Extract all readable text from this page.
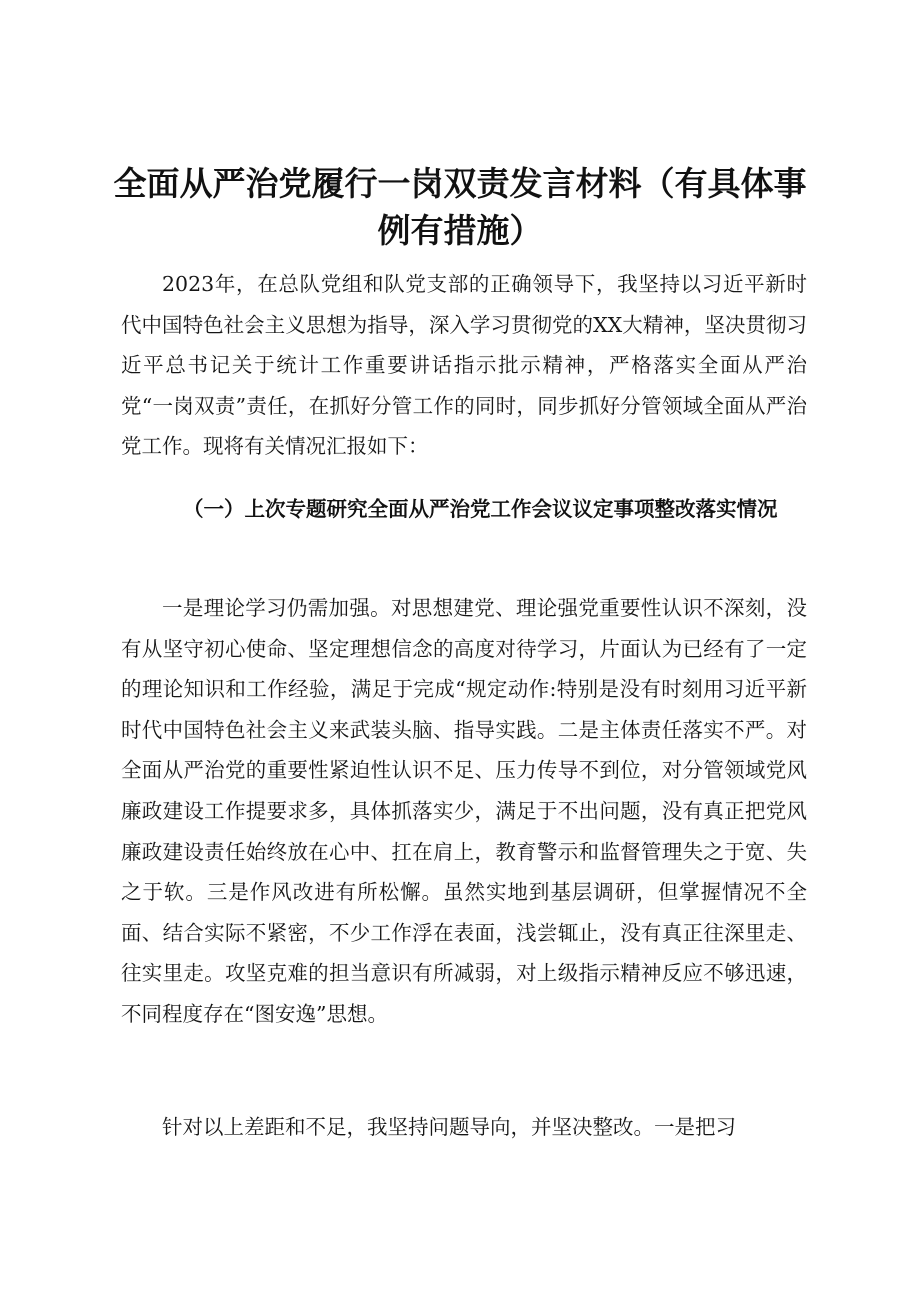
全面从严治党履行一岗双责发言材料（有具体事例有措施）

2023年，在总队党组和队党支部的正确领导下，我坚持以习近平新时代中国特色社会主义思想为指导，深入学习贯彻党的XX大精神，坚决贯彻习近平总书记关于统计工作重要讲话指示批示精神，严格落实全面从严治党“一岗双责”责任，在抓好分管工作的同时，同步抓好分管领域全面从严治党工作。现将有关情况汇报如下：

（一）上次专题研究全面从严治党工作会议议定事项整改落实情况

一是理论学习仍需加强。对思想建党、理论强党重要性认识不深刻，没有从坚守初心使命、坚定理想信念的高度对待学习，片面认为已经有了一定的理论知识和工作经验，满足于完成“规定动作:特别是没有时刻用习近平新时代中国特色社会主义来武装头脑、指导实践。二是主体责任落实不严。对全面从严治党的重要性紧迫性认识不足、压力传导不到位，对分管领域党风廉政建设工作提要求多，具体抓落实少，满足于不出问题，没有真正把党风廉政建设责任始终放在心中、扛在肩上，教育警示和监督管理失之于宽、失之于软。三是作风改进有所松懈。虽然实地到基层调研，但掌握情况不全面、结合实际不紧密，不少工作浮在表面，浅尝辄止，没有真正往深里走、往实里走。攻坚克难的担当意识有所减弱，对上级指示精神反应不够迅速，不同程度存在“图安逸”思想。

针对以上差距和不足，我坚持问题导向，并坚决整改。一是把习
